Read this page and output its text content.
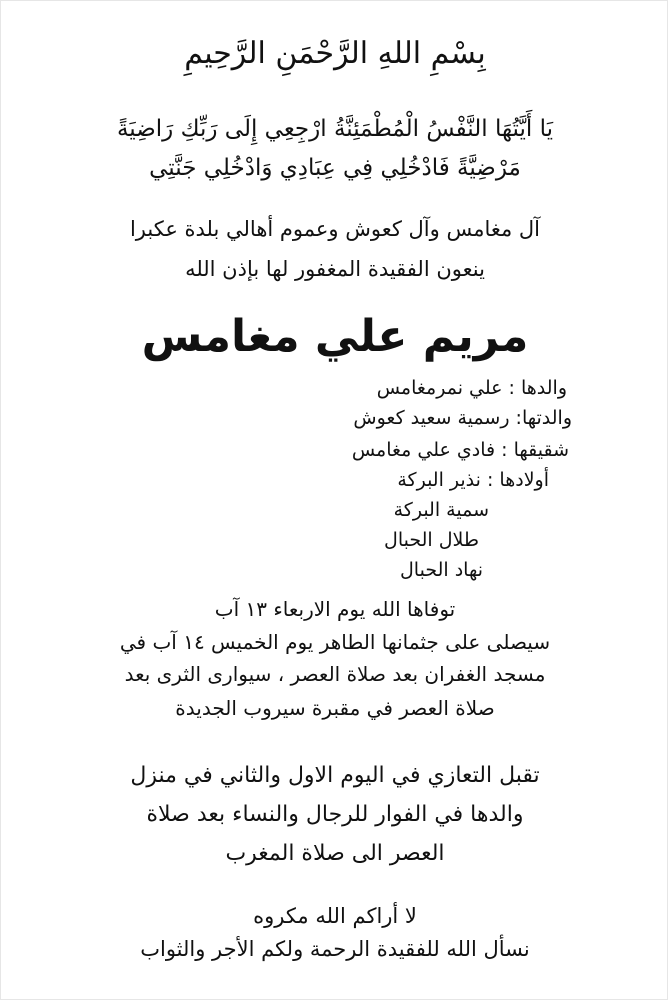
بِسْمِ اللهِ الرَّحْمَنِ الرَّحِيمِ
يَا أَيَّتُهَا النَّفْسُ الْمُطْمَئِنَّةُ ارْجِعِي إِلَى رَبِّكِ رَاضِيَةً
مَرْضِيَّةً فَادْخُلِي فِي عِبَادِي وَادْخُلِي جَنَّتِي
آل مغامس وآل كعوش وعموم أهالي بلدة عكبرا
ينعون الفقيدة المغفور لها بإذن الله
مريم علي مغامس
والدها : علي نمرمغامس
والدتها: رسمية سعيد كعوش
شقيقها : فادي علي مغامس
أولادها : نذير البركة
سمية البركة
طلال الحبال
نهاد الحبال
توفاها الله يوم الاربعاء ١٣ آب
سيصلى على جثمانها الطاهر يوم الخميس ١٤ آب في
مسجد الغفران بعد صلاة العصر ، سيوارى الثرى بعد
صلاة العصر في مقبرة سيروب الجديدة
تقبل التعازي في اليوم الاول والثاني في منزل
والدها في الفوار للرجال والنساء بعد صلاة
العصر الى صلاة المغرب
لا أراكم الله مكروه
نسأل الله للفقيدة الرحمة ولكم الأجر والثواب
